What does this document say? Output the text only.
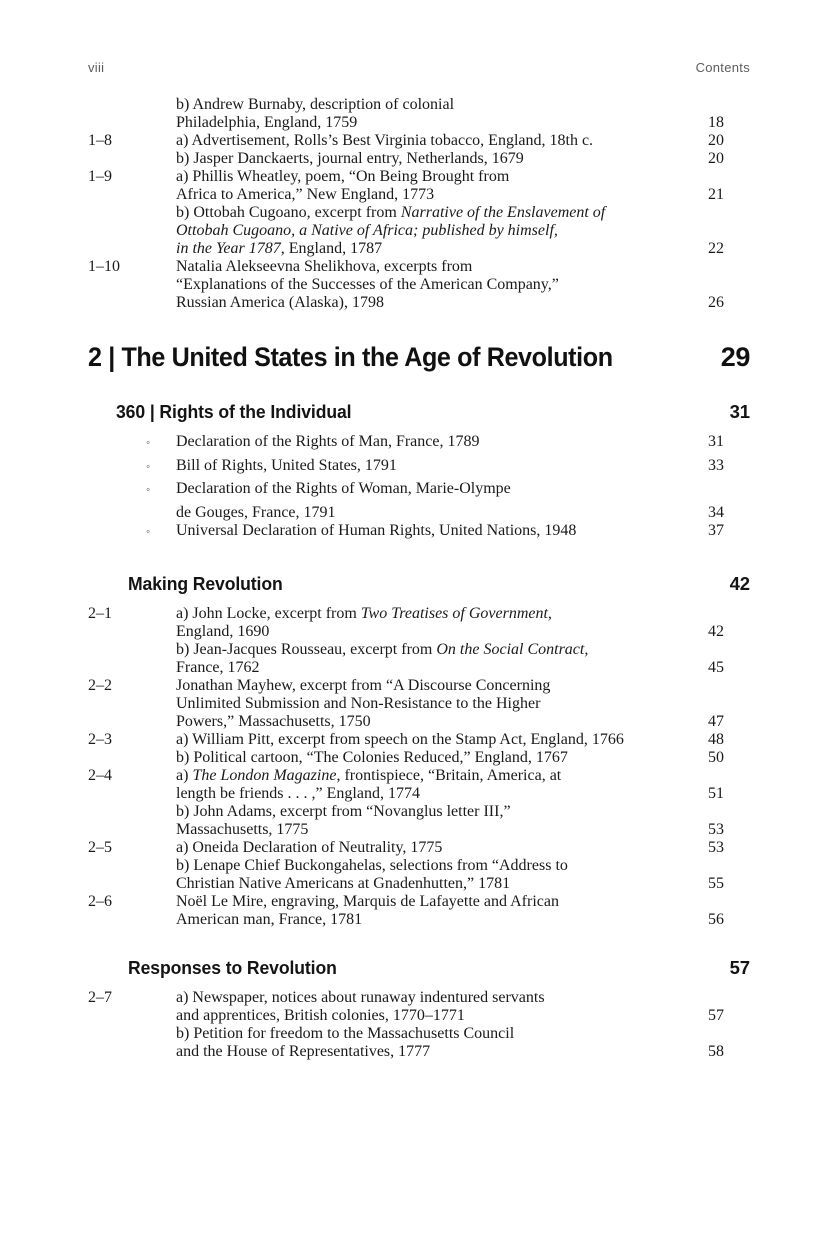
viii	Contents
b) Andrew Burnaby, description of colonial
Philadelphia, England, 1759	18
1–8	a) Advertisement, Rolls’s Best Virginia tobacco, England, 18th c.	20
b) Jasper Danckaerts, journal entry, Netherlands, 1679	20
1–9	a) Phillis Wheatley, poem, “On Being Brought from
Africa to America,” New England, 1773	21
b) Ottobah Cugoano, excerpt from Narrative of the Enslavement of
Ottobah Cugoano, a Native of Africa; published by himself,
in the Year 1787, England, 1787	22
1–10	Natalia Alekseevna Shelikhova, excerpts from
“Explanations of the Successes of the American Company,”
Russian America (Alaska), 1798	26
2 | The United States in the Age of Revolution	29
360 | Rights of the Individual	31
◦	Declaration of the Rights of Man, France, 1789	31
◦	Bill of Rights, United States, 1791	33
◦	Declaration of the Rights of Woman, Marie-Olympe
de Gouges, France, 1791	34
◦	Universal Declaration of Human Rights, United Nations, 1948	37
Making Revolution	42
2–1	a) John Locke, excerpt from Two Treatises of Government,
England, 1690	42
b) Jean-Jacques Rousseau, excerpt from On the Social Contract,
France, 1762	45
2–2	Jonathan Mayhew, excerpt from “A Discourse Concerning
Unlimited Submission and Non-Resistance to the Higher
Powers,” Massachusetts, 1750	47
2–3	a) William Pitt, excerpt from speech on the Stamp Act, England, 1766	48
b) Political cartoon, “The Colonies Reduced,” England, 1767	50
2–4	a) The London Magazine, frontispiece, “Britain, America, at
length be friends . . . ,” England, 1774	51
b) John Adams, excerpt from “Novanglus letter III,”
Massachusetts, 1775	53
2–5	a) Oneida Declaration of Neutrality, 1775	53
b) Lenape Chief Buckongahelas, selections from “Address to
Christian Native Americans at Gnadenhutten,” 1781	55
2–6	Noël Le Mire, engraving, Marquis de Lafayette and African
American man, France, 1781	56
Responses to Revolution	57
2–7	a) Newspaper, notices about runaway indentured servants
and apprentices, British colonies, 1770–1771	57
b) Petition for freedom to the Massachusetts Council
and the House of Representatives, 1777	58
